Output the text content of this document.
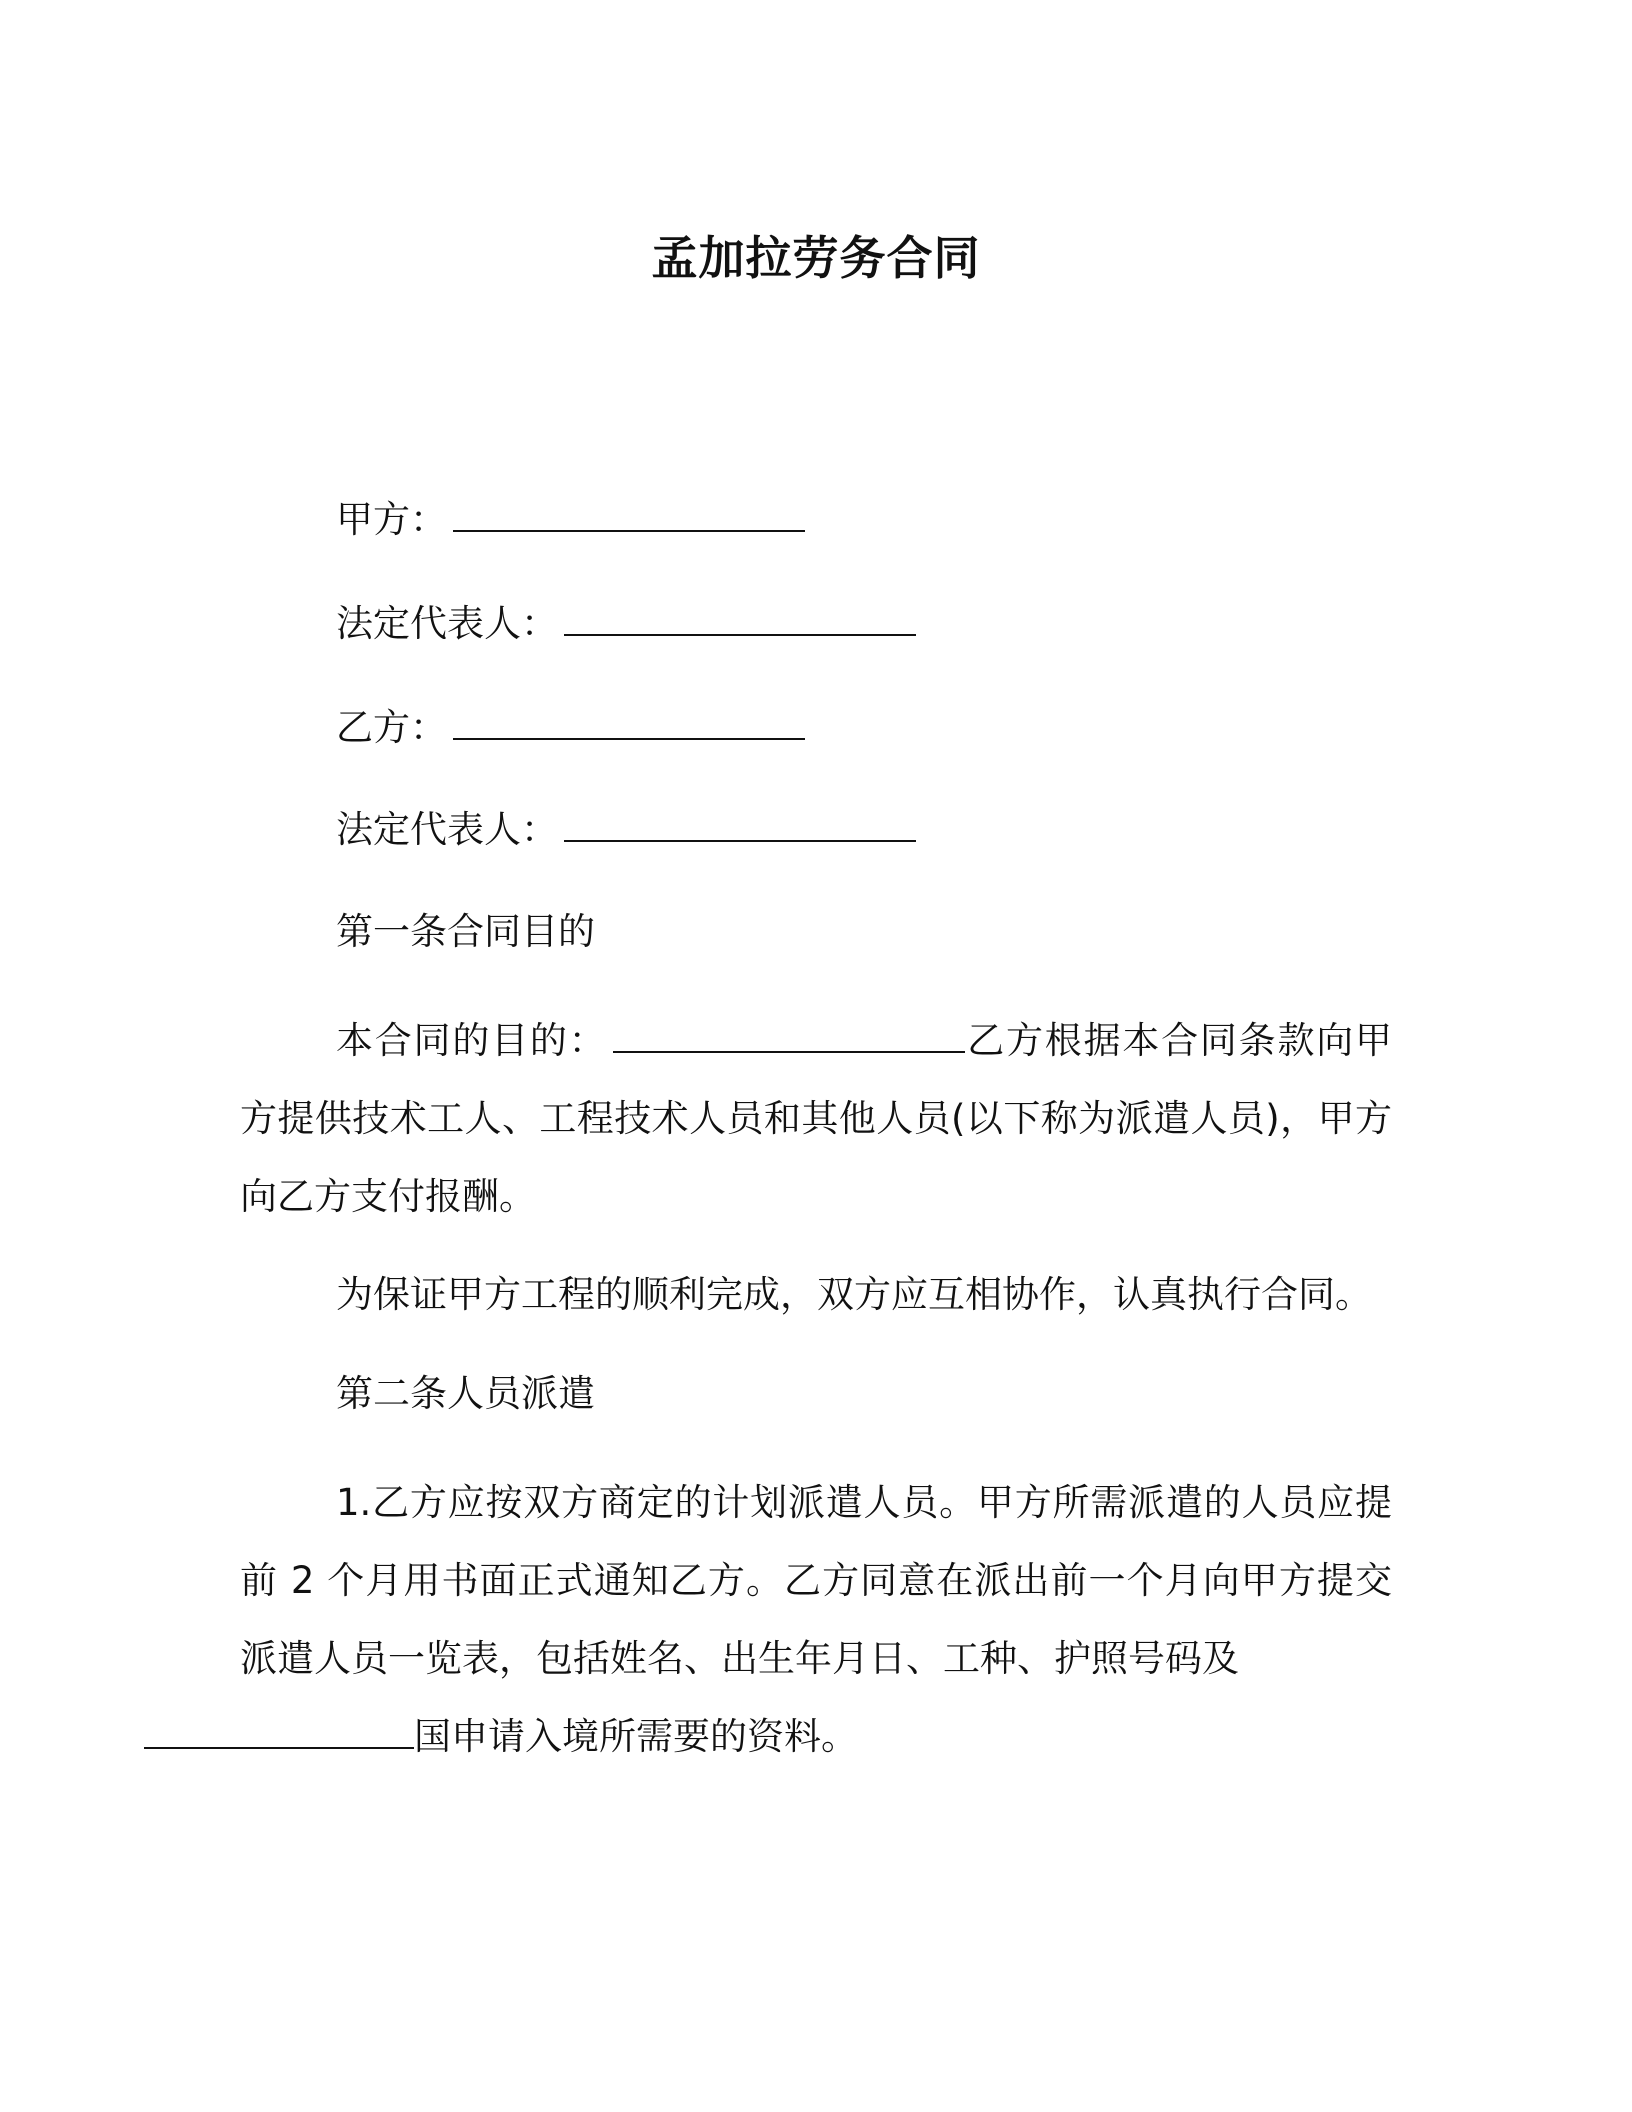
孟加拉劳务合同
甲方：
法定代表人：
乙方：
法定代表人：
第一条合同目的
本合同的目的：	乙方根据本合同条款向甲方提供技术工人、工程技术人员和其他人员(以下称为派遣人员)，甲方向乙方支付报酬。
为保证甲方工程的顺利完成，双方应互相协作，认真执行合同。
第二条人员派遣
1.乙方应按双方商定的计划派遣人员。甲方所需派遣的人员应提前 2 个月用书面正式通知乙方。乙方同意在派出前一个月向甲方提交派遣人员一览表，包括姓名、出生年月日、工种、护照号码及
国申请入境所需要的资料。
